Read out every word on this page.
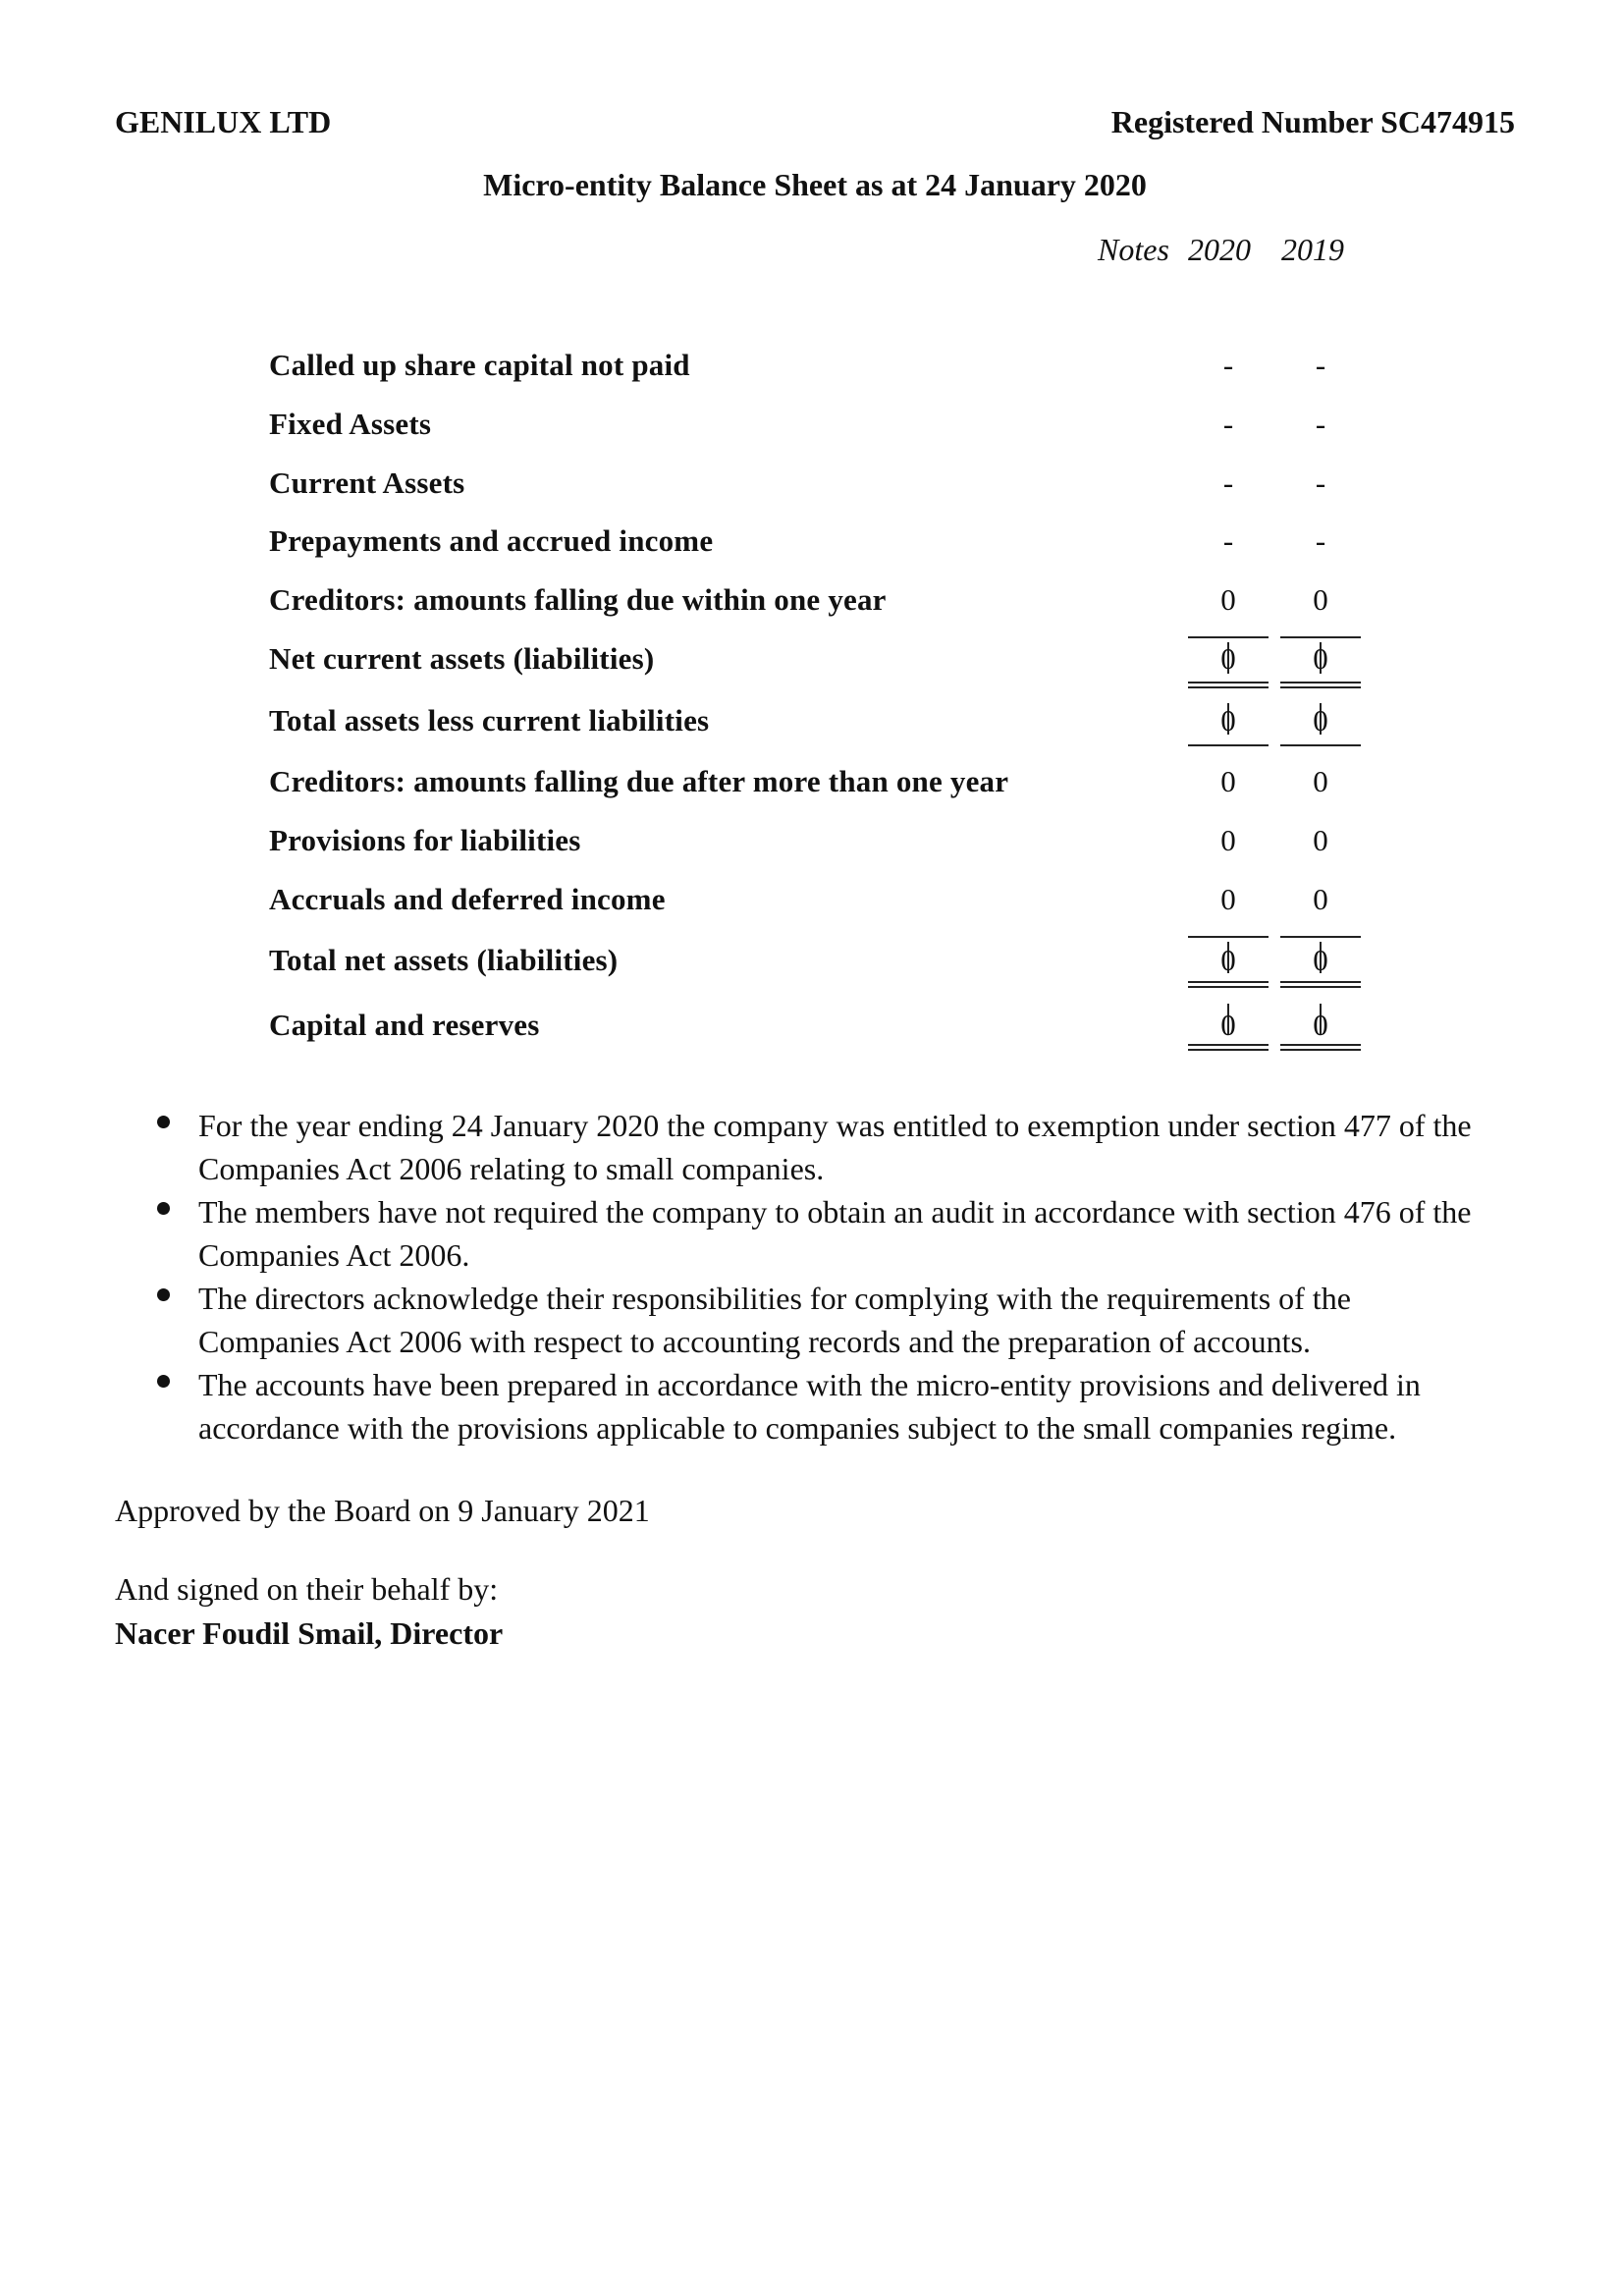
GENILUX LTD	Registered Number SC474915
Micro-entity Balance Sheet as at 24 January 2020
Notes 2020 2019
Called up share capital not paid	-	-
Fixed Assets	-	-
Current Assets	-	-
Prepayments and accrued income	-	-
Creditors: amounts falling due within one year	0	0
Net current assets (liabilities)	0	0
Total assets less current liabilities	0	0
Creditors: amounts falling due after more than one year	0	0
Provisions for liabilities	0	0
Accruals and deferred income	0	0
Total net assets (liabilities)	0	0
Capital and reserves	0	0
For the year ending 24 January 2020 the company was entitled to exemption under section 477 of the Companies Act 2006 relating to small companies.
The members have not required the company to obtain an audit in accordance with section 476 of the Companies Act 2006.
The directors acknowledge their responsibilities for complying with the requirements of the Companies Act 2006 with respect to accounting records and the preparation of accounts.
The accounts have been prepared in accordance with the micro-entity provisions and delivered in accordance with the provisions applicable to companies subject to the small companies regime.
Approved by the Board on 9 January 2021
And signed on their behalf by:
Nacer Foudil Smail, Director
